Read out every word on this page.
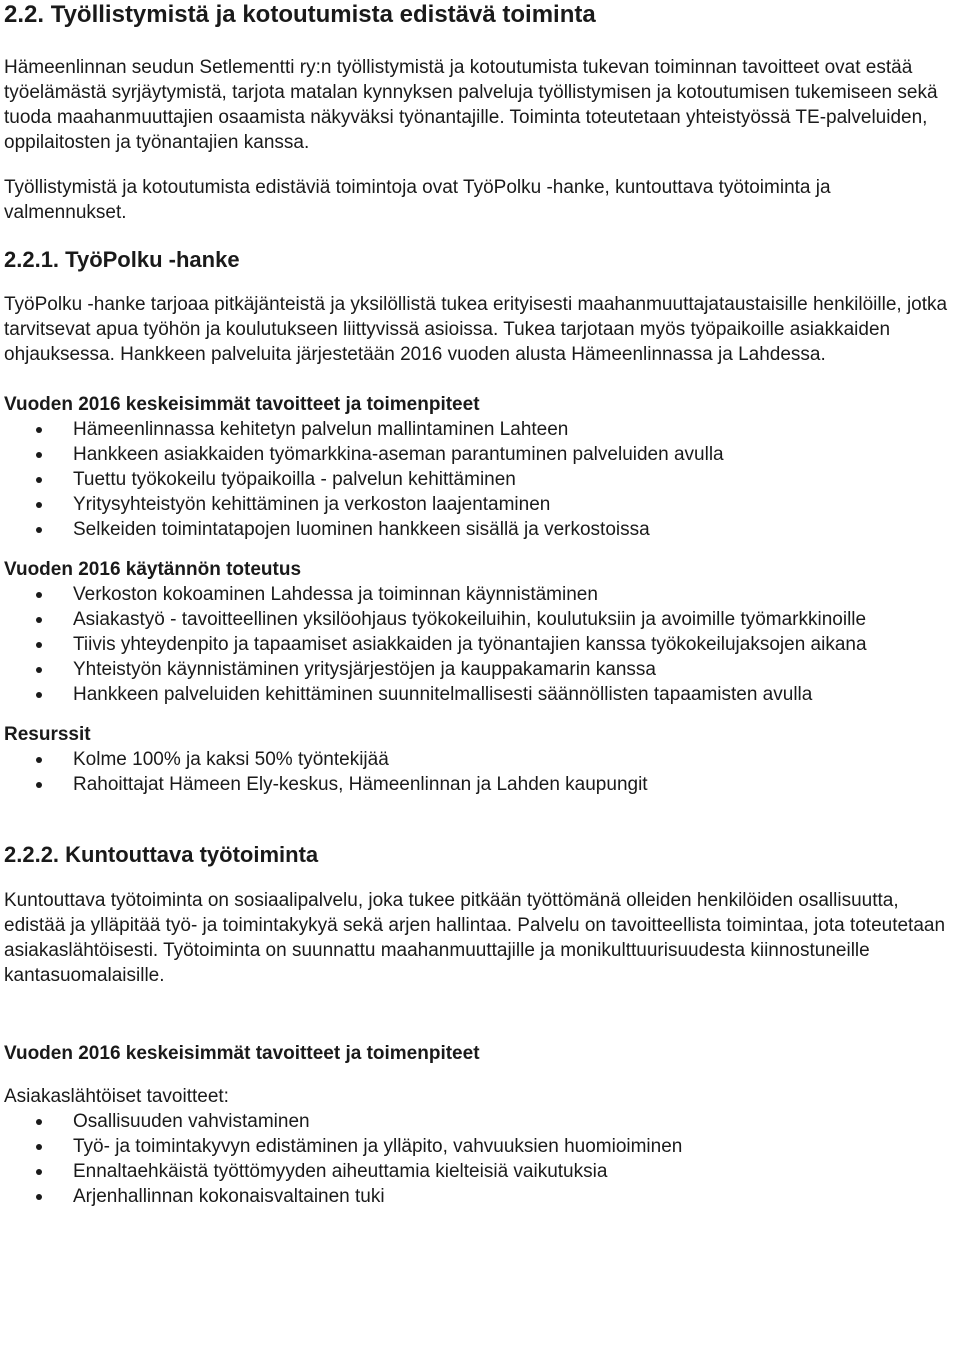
2.2. Työllistymistä ja kotoutumista edistävä toiminta

Hämeenlinnan seudun Setlementti ry:n työllistymistä ja kotoutumista tukevan toiminnan tavoitteet ovat estää työelämästä syrjäytymistä, tarjota matalan kynnyksen palveluja työllistymisen ja kotoutumisen tukemiseen sekä tuoda maahanmuuttajien osaamista näkyväksi työnantajille. Toiminta toteutetaan yhteistyössä TE-palveluiden, oppilaitosten ja työnantajien kanssa.

Työllistymistä ja kotoutumista edistäviä toimintoja ovat TyöPolku -hanke, kuntouttava työtoiminta ja valmennukset.

2.2.1. TyöPolku -hanke

TyöPolku -hanke tarjoaa pitkäjänteistä ja yksilöllistä tukea erityisesti maahanmuuttajataustaisille henkilöille, jotka tarvitsevat apua työhön ja koulutukseen liittyvissä asioissa. Tukea tarjotaan myös työpaikoille asiakkaiden ohjauksessa. Hankkeen palveluita järjestetään 2016 vuoden alusta Hämeenlinnassa ja Lahdessa.

Vuoden 2016 keskeisimmät tavoitteet ja toimenpiteet

Hämeenlinnassa kehitetyn palvelun mallintaminen Lahteen
Hankkeen asiakkaiden työmarkkina-aseman parantuminen palveluiden avulla
Tuettu työkokeilu työpaikoilla - palvelun kehittäminen
Yritysyhteistyön kehittäminen ja verkoston laajentaminen
Selkeiden toimintatapojen luominen hankkeen sisällä ja verkostoissa

Vuoden 2016 käytännön toteutus

Verkoston kokoaminen Lahdessa ja toiminnan käynnistäminen
Asiakastyö - tavoitteellinen yksilöohjaus työkokeiluihin, koulutuksiin ja avoimille työmarkkinoille
Tiivis yhteydenpito ja tapaamiset asiakkaiden ja työnantajien kanssa työkokeilujaksojen aikana
Yhteistyön käynnistäminen yritysjärjestöjen ja kauppakamarin kanssa
Hankkeen palveluiden kehittäminen suunnitelmallisesti säännöllisten tapaamisten avulla

Resurssit

Kolme 100% ja kaksi 50% työntekijää
Rahoittajat Hämeen Ely-keskus, Hämeenlinnan ja Lahden kaupungit
2.2.2. Kuntouttava työtoiminta

Kuntouttava työtoiminta on sosiaalipalvelu, joka tukee pitkään työttömänä olleiden henkilöiden osallisuutta, edistää ja ylläpitää työ- ja toimintakykyä sekä arjen hallintaa. Palvelu on tavoitteellista toimintaa, jota toteutetaan asiakaslähtöisesti. Työtoiminta on suunnattu maahanmuuttajille ja monikulttuurisuudesta kiinnostuneille kantasuomalaisille.

Vuoden 2016 keskeisimmät tavoitteet ja toimenpiteet

Asiakaslähtöiset tavoitteet:

Osallisuuden vahvistaminen
Työ- ja toimintakyvyn edistäminen ja ylläpito, vahvuuksien huomioiminen
Ennaltaehkäistä työttömyyden aiheuttamia kielteisiä vaikutuksia
Arjenhallinnan kokonaisvaltainen tuki
